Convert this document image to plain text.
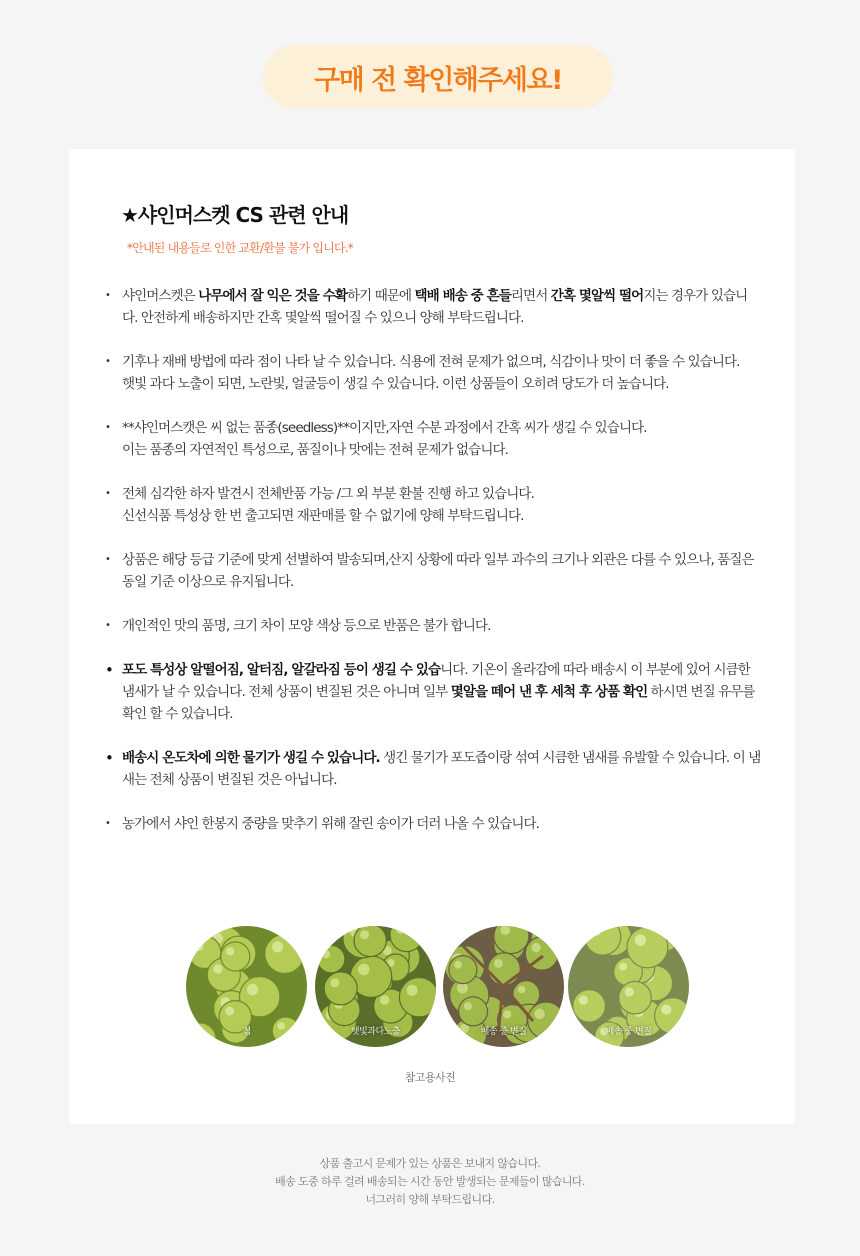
구매 전 확인해주세요!
★샤인머스켓 CS 관련 안내
*안내된 내용들로 인한 교환/환불 불가 입니다.*
• 샤인머스켓은 나무에서 잘 익은 것을 수확하기 때문에 택배 배송 중 흔들리면서 간혹 몇알씩 떨어지는 경우가 있습니다. 안전하게 배송하지만 간혹 몇알씩 떨어질 수 있으니 양해 부탁드립니다.
• 기후나 재배 방법에 따라 점이 나타 날 수 있습니다. 식용에 전혀 문제가 없으며, 식감이나 맛이 더 좋을 수 있습니다.
햇빛 과다 노출이 되면, 노란빛, 얼굴등이 생길 수 있습니다. 이런 상품들이 오히려 당도가 더 높습니다.
• **샤인머스캣은 씨 없는 품종(seedless)**이지만,자연 수분 과정에서 간혹 씨가 생길 수 있습니다.
이는 품종의 자연적인 특성으로, 품질이나 맛에는 전혀 문제가 없습니다.
• 전체 심각한 하자 발견시 전체반품 가능 /그 외 부분 환불 진행 하고 있습니다.
신선식품 특성상 한 번 출고되면 재판매를 할 수 없기에 양해 부탁드립니다.
• 상품은 해당 등급 기준에 맞게 선별하여 발송되며,산지 상황에 따라 일부 과수의 크기나 외관은 다를 수 있으나, 품질은 동일 기준 이상으로 유지됩니다.
• 개인적인 맛의 품명, 크기 차이 모양 색상 등으로 반품은 불가 합니다.
• 포도 특성상 알떨어짐, 알터짐, 알갈라짐 등이 생길 수 있습니다. 기온이 올라감에 따라 배송시 이 부분에 있어 시큼한 냄새가 날 수 있습니다. 전체 상품이 변질된 것은 아니며 일부 몇알을 떼어 낸 후 세척 후 상품 확인 하시면 변질 유무를 확인 할 수 있습니다.
• 배송시 온도차에 의한 물기가 생길 수 있습니다. 생긴 물기가 포도즙이랑 섞여 시큼한 냄새를 유발할 수 있습니다. 이 냄새는 전체 상품이 변질된 것은 아닙니다.
• 농가에서 샤인 한봉지 중량을 맞추기 위해 잘린 송이가 더러 나올 수 있습니다.
점	햇빛과다노출	배송 중 변질	배송 중 변질
참고용사진
상품 출고시 문제가 있는 상품은 보내지 않습니다.
배송 도중 하루 걸려 배송되는 시간 동안 발생되는 문제들이 많습니다.
너그러히 양해 부탁드립니다.
